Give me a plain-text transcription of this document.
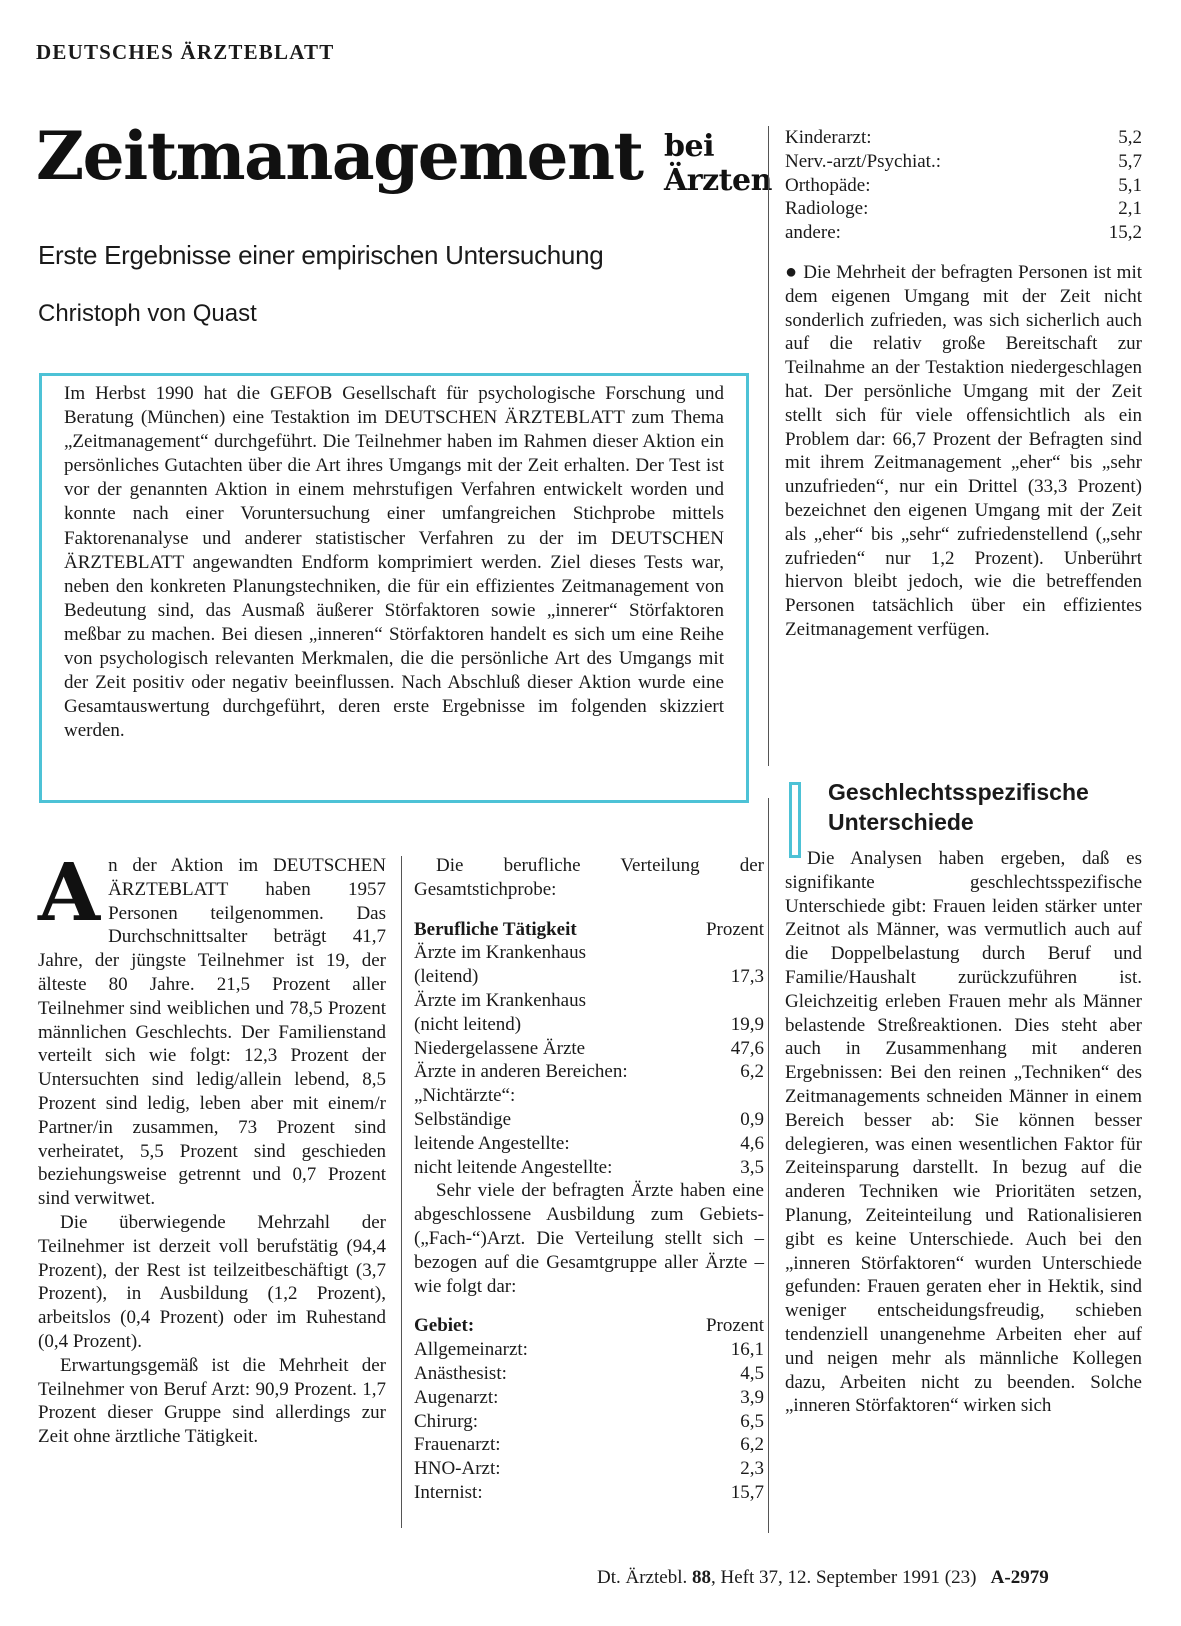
DEUTSCHES ÄRZTEBLATT
Zeitmanagement bei
Ärzten
Erste Ergebnisse einer empirischen Untersuchung
Christoph von Quast
Im Herbst 1990 hat die GEFOB Gesellschaft für psychologische Forschung und Beratung (München) eine Testaktion im DEUTSCHEN ÄRZTEBLATT zum Thema „Zeitmanagement“ durchgeführt. Die Teilnehmer haben im Rahmen dieser Aktion ein persönliches Gutachten über die Art ihres Umgangs mit der Zeit erhalten. Der Test ist vor der genannten Aktion in einem mehrstufigen Verfahren entwickelt worden und konnte nach einer Voruntersuchung einer umfangreichen Stichprobe mittels Faktorenanalyse und anderer statistischer Verfahren zu der im DEUTSCHEN ÄRZTEBLATT angewandten Endform komprimiert werden. Ziel dieses Tests war, neben den konkreten Planungstechniken, die für ein effizientes Zeitmanagement von Bedeutung sind, das Ausmaß äußerer Störfaktoren sowie „innerer“ Störfaktoren meßbar zu machen. Bei diesen „inneren“ Störfaktoren handelt es sich um eine Reihe von psychologisch relevanten Merkmalen, die die persönliche Art des Umgangs mit der Zeit positiv oder negativ beeinflussen. Nach Abschluß dieser Aktion wurde eine Gesamtauswertung durchgeführt, deren erste Ergebnisse im folgenden skizziert werden.

An der Aktion im DEUTSCHEN ÄRZTEBLATT haben 1957 Personen teilgenommen. Das Durchschnittsalter beträgt 41,7 Jahre, der jüngste Teilnehmer ist 19, der älteste 80 Jahre. 21,5 Prozent aller Teilnehmer sind weiblichen und 78,5 Prozent männlichen Geschlechts. Der Familienstand verteilt sich wie folgt: 12,3 Prozent der Untersuchten sind ledig/allein lebend, 8,5 Prozent sind ledig, leben aber mit einem/r Partner/in zusammen, 73 Prozent sind verheiratet, 5,5 Prozent sind geschieden beziehungsweise getrennt und 0,7 Prozent sind verwitwet.

Die überwiegende Mehrzahl der Teilnehmer ist derzeit voll berufstätig (94,4 Prozent), der Rest ist teilzeitbeschäftigt (3,7 Prozent), in Ausbildung (1,2 Prozent), arbeitslos (0,4 Prozent) oder im Ruhestand (0,4 Prozent).

Erwartungsgemäß ist die Mehrheit der Teilnehmer von Beruf Arzt: 90,9 Prozent. 1,7 Prozent dieser Gruppe sind allerdings zur Zeit ohne ärztliche Tätigkeit.

Die berufliche Verteilung der Gesamtstichprobe:

Berufliche Tätigkeit	Prozent
Ärzte im Krankenhaus
(leitend)	17,3
Ärzte im Krankenhaus
(nicht leitend)	19,9
Niedergelassene Ärzte	47,6
Ärzte in anderen Bereichen:	6,2
„Nichtärzte“:
Selbständige	0,9
leitende Angestellte:	4,6
nicht leitende Angestellte:	3,5

Sehr viele der befragten Ärzte haben eine abgeschlossene Ausbildung zum Gebiets-(„Fach-“)Arzt. Die Verteilung stellt sich – bezogen auf die Gesamtgruppe aller Ärzte – wie folgt dar:

Gebiet:	Prozent
Allgemeinarzt:	16,1
Anästhesist:	4,5
Augenarzt:	3,9
Chirurg:	6,5
Frauenarzt:	6,2
HNO-Arzt:	2,3
Internist:	15,7
Kinderarzt:	5,2
Nerv.-arzt/Psychiat.:	5,7
Orthopäde:	5,1
Radiologe:	2,1
andere:	15,2

● Die Mehrheit der befragten Personen ist mit dem eigenen Umgang mit der Zeit nicht sonderlich zufrieden, was sich sicherlich auch auf die relativ große Bereitschaft zur Teilnahme an der Testaktion niedergeschlagen hat. Der persönliche Umgang mit der Zeit stellt sich für viele offensichtlich als ein Problem dar: 66,7 Prozent der Befragten sind mit ihrem Zeitmanagement „eher“ bis „sehr unzufrieden“, nur ein Drittel (33,3 Prozent) bezeichnet den eigenen Umgang mit der Zeit als „eher“ bis „sehr“ zufriedenstellend („sehr zufrieden“ nur 1,2 Prozent). Unberührt hiervon bleibt jedoch, wie die betreffenden Personen tatsächlich über ein effizientes Zeitmanagement verfügen.

Geschlechtsspezifische
Unterschiede

Die Analysen haben ergeben, daß es signifikante geschlechtsspezifische Unterschiede gibt: Frauen leiden stärker unter Zeitnot als Männer, was vermutlich auch auf die Doppelbelastung durch Beruf und Familie/Haushalt zurückzuführen ist. Gleichzeitig erleben Frauen mehr als Männer belastende Streßreaktionen. Dies steht aber auch in Zusammenhang mit anderen Ergebnissen: Bei den reinen „Techniken“ des Zeitmanagements schneiden Männer in einem Bereich besser ab: Sie können besser delegieren, was einen wesentlichen Faktor für Zeiteinsparung darstellt. In bezug auf die anderen Techniken wie Prioritäten setzen, Planung, Zeiteinteilung und Rationalisieren gibt es keine Unterschiede. Auch bei den „inneren Störfaktoren“ wurden Unterschiede gefunden: Frauen geraten eher in Hektik, sind weniger entscheidungsfreudig, schieben tendenziell unangenehme Arbeiten eher auf und neigen mehr als männliche Kollegen dazu, Arbeiten nicht zu beenden. Solche „inneren Störfaktoren“ wirken sich

Dt. Ärztebl. 88, Heft 37, 12. September 1991 (23) A-2979
